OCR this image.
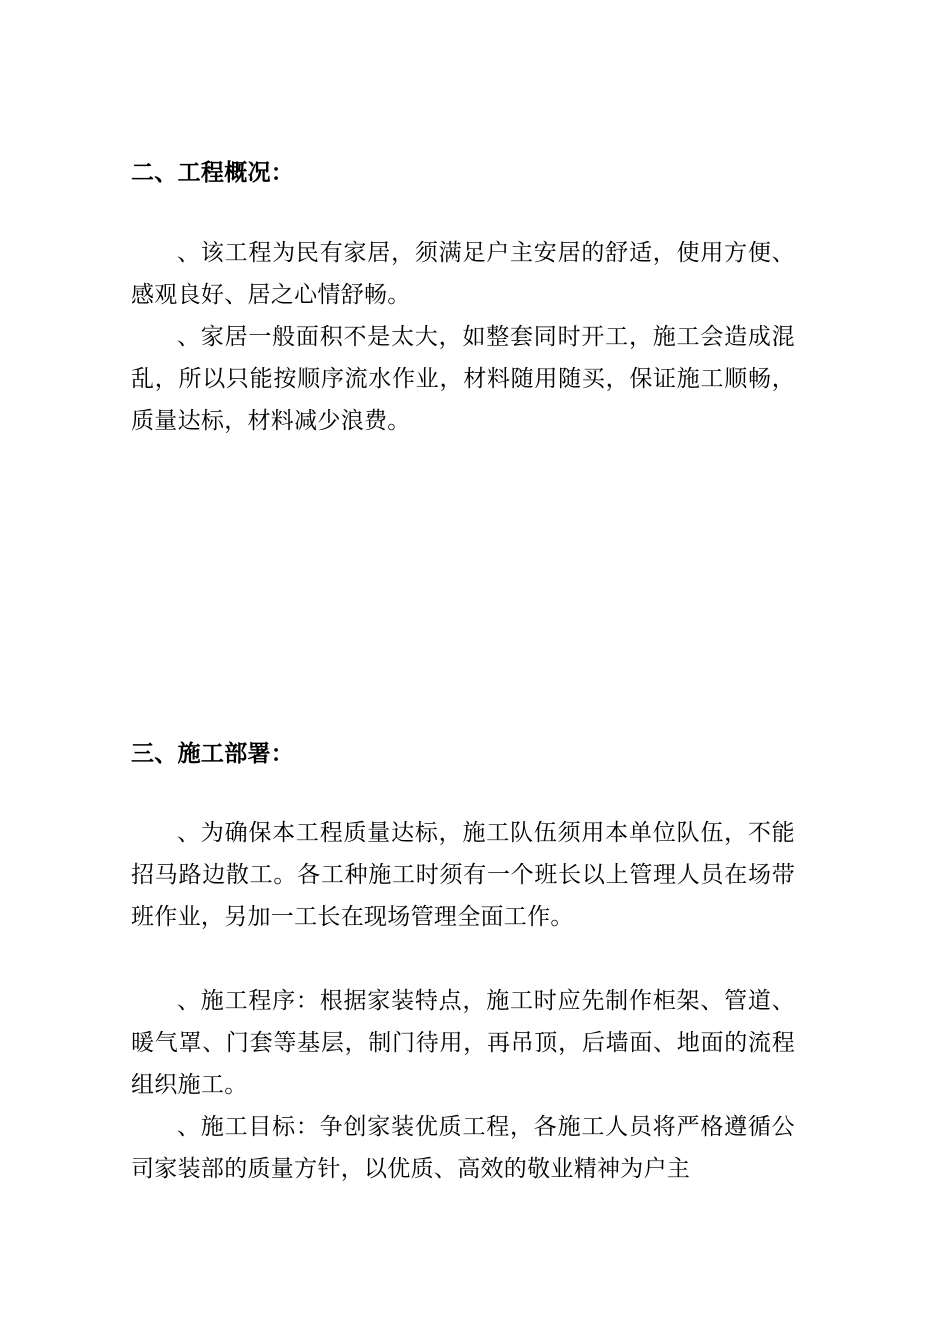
二、工程概况：

、该工程为民有家居，须满足户主安居的舒适，使用方便、感观良好、居之心情舒畅。

、家居一般面积不是太大，如整套同时开工，施工会造成混乱，所以只能按顺序流水作业，材料随用随买，保证施工顺畅，质量达标，材料减少浪费。

三、施工部署：

、为确保本工程质量达标，施工队伍须用本单位队伍，不能招马路边散工。各工种施工时须有一个班长以上管理人员在场带班作业，另加一工长在现场管理全面工作。

、施工程序：根据家装特点，施工时应先制作柜架、管道、暖气罩、门套等基层，制门待用，再吊顶，后墙面、地面的流程组织施工。

、施工目标：争创家装优质工程，各施工人员将严格遵循公司家装部的质量方针，以优质、高效的敬业精神为户主
